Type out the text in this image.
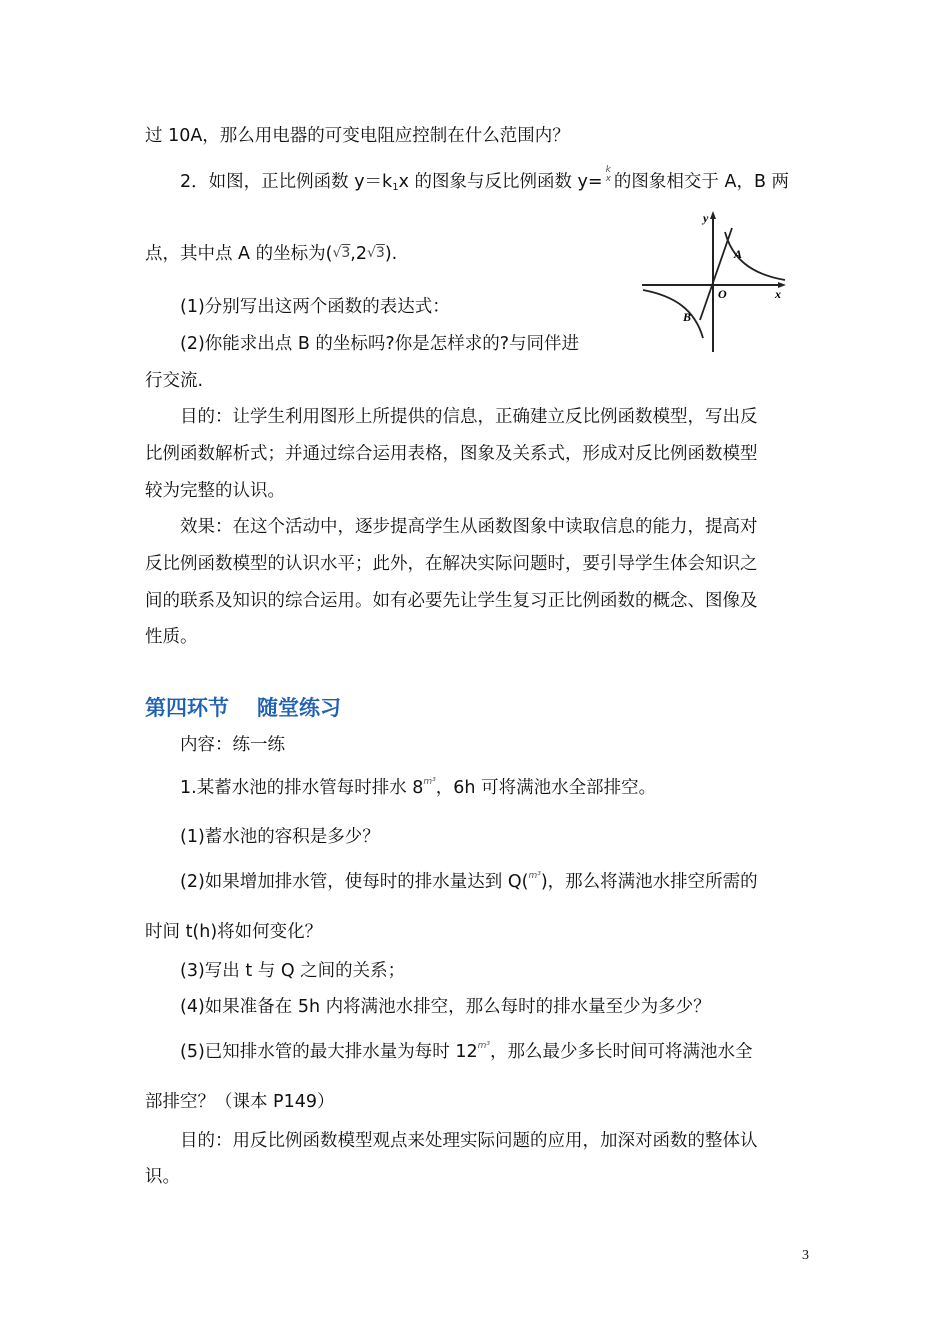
过 10A，那么用电器的可变电阻应控制在什么范围内？
2．如图，正比例函数 $y=k_1x$ 的图象与反比例函数 y=
k
x 的图象相交于 A，B 两
点，其中点 A 的坐标为(√3,2√3).
(1)分别写出这两个函数的表达式：
(2)你能求出点 B 的坐标吗?你是怎样求的?与同伴进
行交流.
目的：让学生利用图形上所提供的信息，正确建立反比例函数模型，写出反
比例函数解析式；并通过综合运用表格，图象及关系式，形成对反比例函数模型
较为完整的认识。
效果：在这个活动中，逐步提高学生从函数图象中读取信息的能力，提高对
反比例函数模型的认识水平；此外，在解决实际问题时，要引导学生体会知识之
间的联系及知识的综合运用。如有必要先让学生复习正比例函数的概念、图像及
性质。
第四环节 随堂练习
内容：练一练
1.某蓄水池的排水管每时排水 $8^{m^3}$，6h 可将满池水全部排空。
(1)蓄水池的容积是多少？
(2)如果增加排水管，使每时的排水量达到 Q($^{m^3}$)，那么将满池水排空所需的
时间 t(h)将如何变化？
(3)写出 t 与 Q 之间的关系；
(4)如果准备在 5h 内将满池水排空，那么每时的排水量至少为多少？
(5)已知排水管的最大排水量为每时 $12^{m^3}$，那么最少多长时间可将满池水全
部排空？（课本 P149）
目的：用反比例函数模型观点来处理实际问题的应用，加深对函数的整体认
识。
y
x
O
A
B
3
